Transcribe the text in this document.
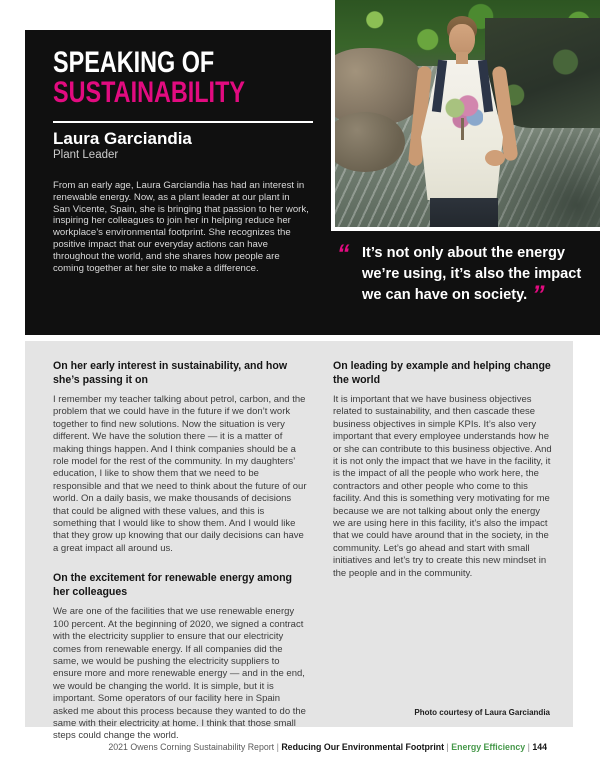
SPEAKING OF
SUSTAINABILITY
Laura Garciandia
Plant Leader
From an early age, Laura Garciandia has had an interest in renewable energy. Now, as a plant leader at our plant in San Vicente, Spain, she is bringing that passion to her work, inspiring her colleagues to join her in helping reduce her workplace’s environmental footprint. She recognizes the positive impact that our everyday actions can have throughout the world, and she shares how people are coming together at her site to make a difference.
“ It’s not only about the energy we’re using, it’s also the impact we can have on society. ”
On her early interest in sustainability, and how she’s passing it on
I remember my teacher talking about petrol, carbon, and the problem that we could have in the future if we don’t work together to find new solutions. Now the situation is very different. We have the solution there — it is a matter of making things happen. And I think companies should be a role model for the rest of the community. In my daughters’ education, I like to show them that we need to be responsible and that we need to think about the future of our world. On a daily basis, we make thousands of decisions that could be aligned with these values, and this is something that I would like to show them. And I would like that they grow up knowing that our daily decisions can have a great impact all around us.
On the excitement for renewable energy among her colleagues
We are one of the facilities that we use renewable energy 100 percent. At the beginning of 2020, we signed a contract with the electricity supplier to ensure that our electricity comes from renewable energy. If all companies did the same, we would be pushing the electricity suppliers to ensure more and more renewable energy — and in the end, we would be changing the world. It is simple, but it is important. Some operators of our facility here in Spain asked me about this process because they wanted to do the same with their electricity at home. I think that those small steps could change the world.
On leading by example and helping change the world
It is important that we have business objectives related to sustainability, and then cascade these business objectives in simple KPIs. It’s also very important that every employee understands how he or she can contribute to this business objective. And it is not only the impact that we have in the facility, it is the impact of all the people who work here, the contractors and other people who come to this facility. And this is something very motivating for me because we are not talking about only the energy we are using here in this facility, it’s also the impact that we could have around that in the society, in the community. Let’s go ahead and start with small initiatives and let’s try to create this new mindset in the people and in the community.
Photo courtesy of Laura Garciandia
2021 Owens Corning Sustainability Report | Reducing Our Environmental Footprint | Energy Efficiency | 144
